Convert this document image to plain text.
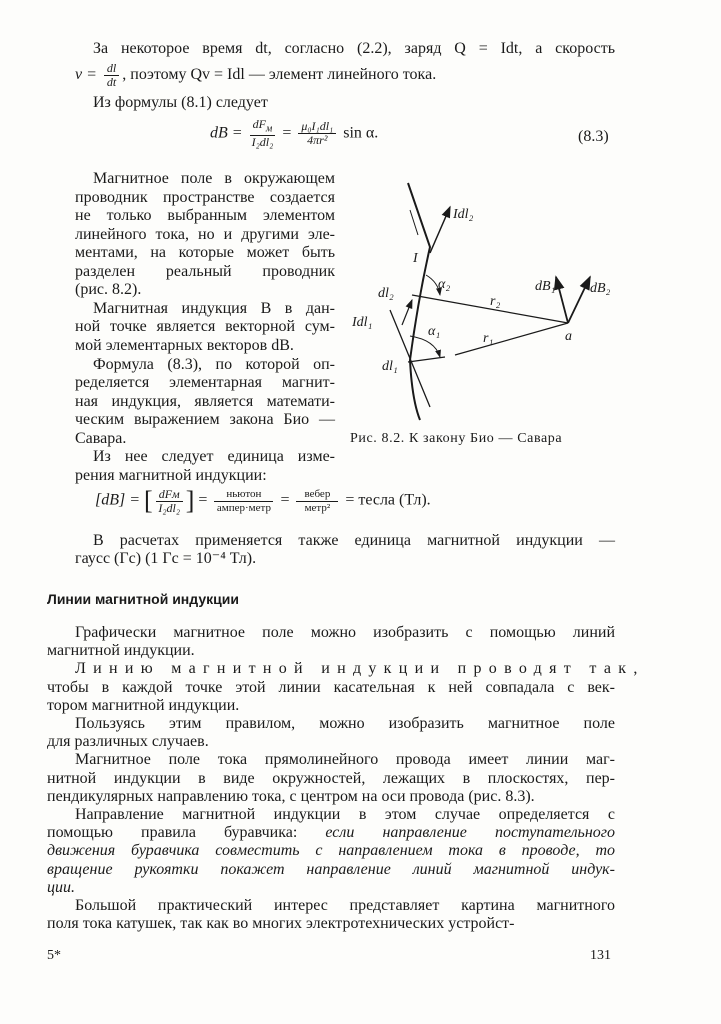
За некоторое время dt, согласно (2.2), заряд Q = Idt, а скорость
$v = \frac{dl}{dt}$ , поэтому Qv = Idl — элемент линейного тока.
Из формулы (8.1) следует
dB = $\frac{dF_м}{\text{I₂dl₂}} = \frac{\text{μ₀I₁dl₁}}{\text{4πr²}}$ sin α.	(8.3)
Магнитное поле в окружающем
проводник пространстве создается
не только выбранным элементом
линейного тока, но и другими эле-
ментами, на которые может быть
разделен реальный проводник
(рис. 8.2).
Магнитная индукция B в дан-
ной точке является векторной сум-
мой элементарных векторов dB.
Формула (8.3), по которой оп-
ределяется элементарная магнит-
ная индукция, является математи-
ческим выражением закона Био —
Савара.
Из нее следует единица изме-
рения магнитной индукции:
Idl₂
I
α₂
dl₂
r₂
dB₁ dB₂
Idl₁
α₁	r₁	a
dl₁
Рис. 8.2. К закону Био — Савара
[dB] = [ $\frac{\text{dFм}}{\text{I₂dl₂}}$ ] = $\frac{\text{ньютон}}{\text{ампер·метр}} = \frac{\text{вебер}}{\text{метр²}}$ = тесла (Тл).
В расчетах применяется также единица магнитной индукции —
гаусс (Гс) (1 Гс = 10⁻⁴ Тл).
Линии магнитной индукции
Графически магнитное поле можно изобразить с помощью линий
магнитной индукции.
Линию магнитной индукции проводят так,
чтобы в каждой точке этой линии касательная к ней совпадала с век-
тором магнитной индукции.
Пользуясь этим правилом, можно изобразить магнитное поле
для различных случаев.
Магнитное поле тока прямолинейного провода имеет линии маг-
нитной индукции в виде окружностей, лежащих в плоскостях, пер-
пендикулярных направлению тока, с центром на оси провода (рис. 8.3).
Направление магнитной индукции в этом случае определяется с
помощью правила буравчика: если направление поступательного
движения буравчика совместить с направлением тока в проводе, то
вращение рукоятки покажет направление линий магнитной индук-
ции.
Большой практический интерес представляет картина магнитного
поля тока катушек, так как во многих электротехнических устройст-
5*	131
